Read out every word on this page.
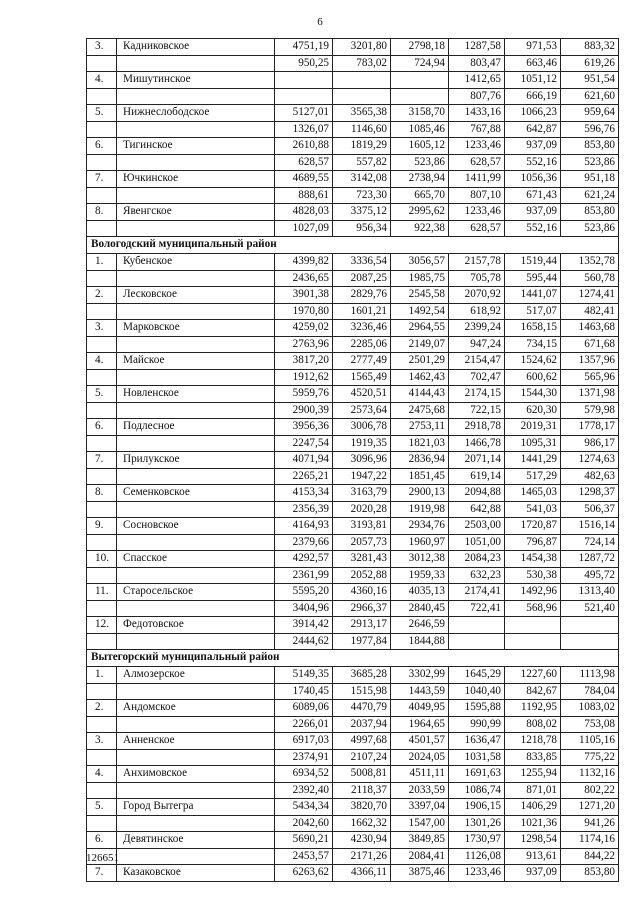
6
3.	Кадниковское	4751,19	3201,80	2798,18	1287,58	971,53	883,32
		950,25	783,02	724,94	803,47	663,46	619,26
4.	Мишутинское				1412,65	1051,12	951,54
					807,76	666,19	621,60
5.	Нижнеслободское	5127,01	3565,38	3158,70	1433,16	1066,23	959,64
		1326,07	1146,60	1085,46	767,88	642,87	596,76
6.	Тигинское	2610,88	1819,29	1605,12	1233,46	937,09	853,80
		628,57	557,82	523,86	628,57	552,16	523,86
7.	Ючкинское	4689,55	3142,08	2738,94	1411,99	1056,36	951,18
		888,61	723,30	665,70	807,10	671,43	621,24
8.	Явенгское	4828,03	3375,12	2995,62	1233,46	937,09	853,80
		1027,09	956,34	922,38	628,57	552,16	523,86
Вологодский муниципальный район							
1.	Кубенское	4399,82	3336,54	3056,57	2157,78	1519,44	1352,78
		2436,65	2087,25	1985,75	705,78	595,44	560,78
2.	Лесковское	3901,38	2829,76	2545,58	2070,92	1441,07	1274,41
		1970,80	1601,21	1492,54	618,92	517,07	482,41
3.	Марковское	4259,02	3236,46	2964,55	2399,24	1658,15	1463,68
		2763,96	2285,06	2149,07	947,24	734,15	671,68
4.	Майское	3817,20	2777,49	2501,29	2154,47	1524,62	1357,96
		1912,62	1565,49	1462,43	702,47	600,62	565,96
5.	Новленское	5959,76	4520,51	4144,43	2174,15	1544,30	1371,98
		2900,39	2573,64	2475,68	722,15	620,30	579,98
6.	Подлесное	3956,36	3006,78	2753,11	2918,78	2019,31	1778,17
		2247,54	1919,35	1821,03	1466,78	1095,31	986,17
7.	Прилукское	4071,94	3096,96	2836,94	2071,14	1441,29	1274,63
		2265,21	1947,22	1851,45	619,14	517,29	482,63
8.	Семенковское	4153,34	3163,79	2900,13	2094,88	1465,03	1298,37
		2356,39	2020,28	1919,98	642,88	541,03	506,37
9.	Сосновское	4164,93	3193,81	2934,76	2503,00	1720,87	1516,14
		2379,66	2057,73	1960,97	1051,00	796,87	724,14
10.	Спасское	4292,57	3281,43	3012,38	2084,23	1454,38	1287,72
		2361,99	2052,88	1959,33	632,23	530,38	495,72
11.	Старосельское	5595,20	4360,16	4035,13	2174,41	1492,96	1313,40
		3404,96	2966,37	2840,45	722,41	568,96	521,40
12.	Федотовское	3914,42	2913,17	2646,59			
		2444,62	1977,84	1844,88			
Вытегорский муниципальный район							
1.	Алмозерское	5149,35	3685,28	3302,99	1645,29	1227,60	1113,98
		1740,45	1515,98	1443,59	1040,40	842,67	784,04
2.	Андомское	6089,06	4470,79	4049,95	1595,88	1192,95	1083,02
		2266,01	2037,94	1964,65	990,99	808,02	753,08
3.	Анненское	6917,03	4997,68	4501,57	1636,47	1218,78	1105,16
		2374,91	2107,24	2024,05	1031,58	833,85	775,22
4.	Анхимовское	6934,52	5008,81	4511,11	1691,63	1255,94	1132,16
		2392,40	2118,37	2033,59	1086,74	871,01	802,22
5.	Город Вытегра	5434,34	3820,70	3397,04	1906,15	1406,29	1271,20
		2042,60	1662,32	1547,00	1301,26	1021,36	941,26
6.	Девятинское	5690,21	4230,94	3849,85	1730,97	1298,54	1174,16
		2453,57	2171,26	2084,41	1126,08	913,61	844,22
7.	Казаковское	6263,62	4366,11	3875,46	1233,46	937,09	853,80
126651
